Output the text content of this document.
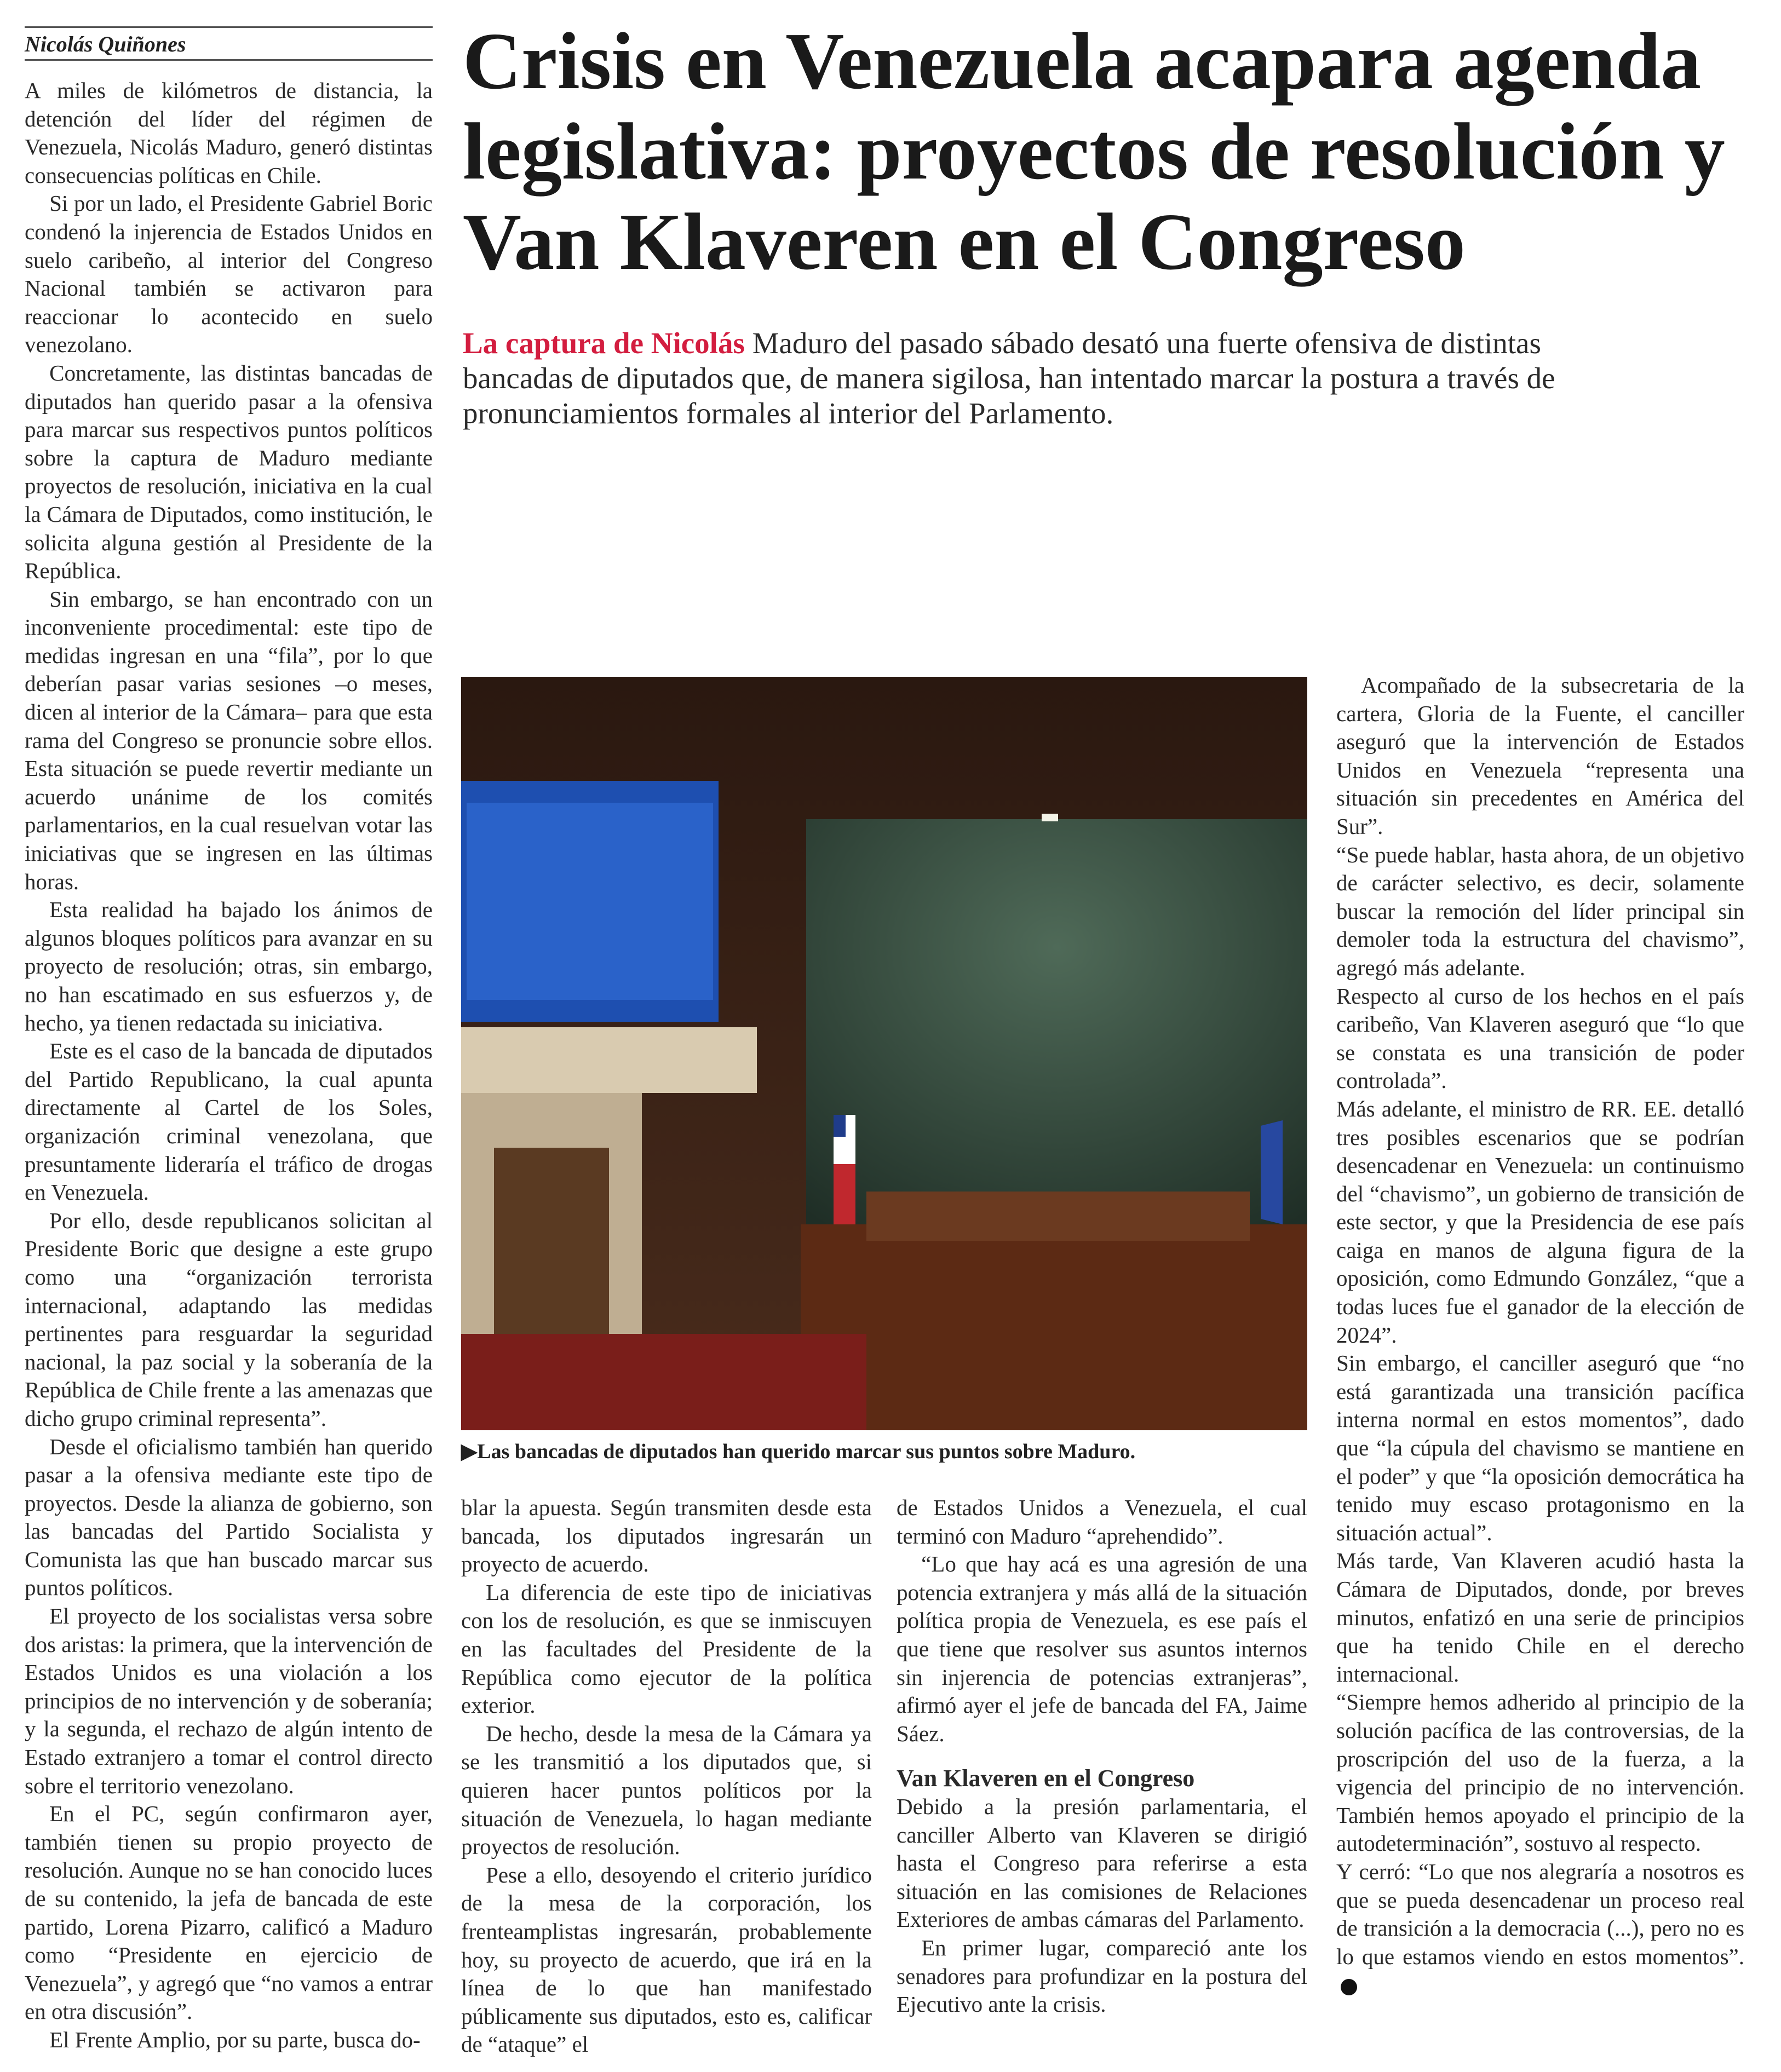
Nicolás Quiñones

A miles de kilómetros de distancia, la detención del líder del régimen de Venezuela, Nicolás Maduro, generó distintas consecuencias políticas en Chile.

Si por un lado, el Presidente Gabriel Boric condenó la injerencia de Estados Unidos en suelo caribeño, al interior del Congreso Nacional también se activaron para reaccionar lo acontecido en suelo venezolano.

Concretamente, las distintas bancadas de diputados han querido pasar a la ofensiva para marcar sus respectivos puntos políticos sobre la captura de Maduro mediante proyectos de resolución, iniciativa en la cual la Cámara de Diputados, como institución, le solicita alguna gestión al Presidente de la República.

Sin embargo, se han encontrado con un inconveniente procedimental: este tipo de medidas ingresan en una “fila”, por lo que deberían pasar varias sesiones –o meses, dicen al interior de la Cámara– para que esta rama del Congreso se pronuncie sobre ellos. Esta situación se puede revertir mediante un acuerdo unánime de los comités parlamentarios, en la cual resuelvan votar las iniciativas que se ingresen en las últimas horas.

Esta realidad ha bajado los ánimos de algunos bloques políticos para avanzar en su proyecto de resolución; otras, sin embargo, no han escatimado en sus esfuerzos y, de hecho, ya tienen redactada su iniciativa.

Este es el caso de la bancada de diputados del Partido Republicano, la cual apunta directamente al Cartel de los Soles, organización criminal venezolana, que presuntamente lideraría el tráfico de drogas en Venezuela.

Por ello, desde republicanos solicitan al Presidente Boric que designe a este grupo como una “organización terrorista internacional, adaptando las medidas pertinentes para resguardar la seguridad nacional, la paz social y la soberanía de la República de Chile frente a las amenazas que dicho grupo criminal representa”.

Desde el oficialismo también han querido pasar a la ofensiva mediante este tipo de proyectos. Desde la alianza de gobierno, son las bancadas del Partido Socialista y Comunista las que han buscado marcar sus puntos políticos.

El proyecto de los socialistas versa sobre dos aristas: la primera, que la intervención de Estados Unidos es una violación a los principios de no intervención y de soberanía; y la segunda, el rechazo de algún intento de Estado extranjero a tomar el control directo sobre el territorio venezolano.

En el PC, según confirmaron ayer, también tienen su propio proyecto de resolución. Aunque no se han conocido luces de su contenido, la jefa de bancada de este partido, Lorena Pizarro, calificó a Maduro como “Presidente en ejercicio de Venezuela”, y agregó que “no vamos a entrar en otra discusión”.

El Frente Amplio, por su parte, busca do-

Crisis en Venezuela acapara agenda legislativa: proyectos de resolución y Van Klaveren en el Congreso
La captura de Nicolás Maduro del pasado sábado desató una fuerte ofensiva de distintas bancadas de diputados que, de manera sigilosa, han intentado marcar la postura a través de pronunciamientos formales al interior del Parlamento.
▶Las bancadas de diputados han querido marcar sus puntos sobre Maduro.

blar la apuesta. Según transmiten desde esta bancada, los diputados ingresarán un proyecto de acuerdo.

La diferencia de este tipo de iniciativas con los de resolución, es que se inmiscuyen en las facultades del Presidente de la República como ejecutor de la política exterior.

De hecho, desde la mesa de la Cámara ya se les transmitió a los diputados que, si quieren hacer puntos políticos por la situación de Venezuela, lo hagan mediante proyectos de resolución.

Pese a ello, desoyendo el criterio jurídico de la mesa de la corporación, los frenteamplistas ingresarán, probablemente hoy, su proyecto de acuerdo, que irá en la línea de lo que han manifestado públicamente sus diputados, esto es, calificar de “ataque” el

de Estados Unidos a Venezuela, el cual terminó con Maduro “aprehendido”.

“Lo que hay acá es una agresión de una potencia extranjera y más allá de la situación política propia de Venezuela, es ese país el que tiene que resolver sus asuntos internos sin injerencia de potencias extranjeras”, afirmó ayer el jefe de bancada del FA, Jaime Sáez.

Van Klaveren en el Congreso

Debido a la presión parlamentaria, el canciller Alberto van Klaveren se dirigió hasta el Congreso para referirse a esta situación en las comisiones de Relaciones Exteriores de ambas cámaras del Parlamento.

En primer lugar, compareció ante los senadores para profundizar en la postura del Ejecutivo ante la crisis.

Acompañado de la subsecretaria de la cartera, Gloria de la Fuente, el canciller aseguró que la intervención de Estados Unidos en Venezuela “representa una situación sin precedentes en América del Sur”.

“Se puede hablar, hasta ahora, de un objetivo de carácter selectivo, es decir, solamente buscar la remoción del líder principal sin demoler toda la estructura del chavismo”, agregó más adelante.

Respecto al curso de los hechos en el país caribeño, Van Klaveren aseguró que “lo que se constata es una transición de poder controlada”.

Más adelante, el ministro de RR. EE. detalló tres posibles escenarios que se podrían desencadenar en Venezuela: un continuismo del “chavismo”, un gobierno de transición de este sector, y que la Presidencia de ese país caiga en manos de alguna figura de la oposición, como Edmundo González, “que a todas luces fue el ganador de la elección de 2024”.

Sin embargo, el canciller aseguró que “no está garantizada una transición pacífica interna normal en estos momentos”, dado que “la cúpula del chavismo se mantiene en el poder” y que “la oposición democrática ha tenido muy escaso protagonismo en la situación actual”.

Más tarde, Van Klaveren acudió hasta la Cámara de Diputados, donde, por breves minutos, enfatizó en una serie de principios que ha tenido Chile en el derecho internacional.

“Siempre hemos adherido al principio de la solución pacífica de las controversias, de la proscripción del uso de la fuerza, a la vigencia del principio de no intervención. También hemos apoyado el principio de la autodeterminación”, sostuvo al respecto.

Y cerró: “Lo que nos alegraría a nosotros es que se pueda desencadenar un proceso real de transición a la democracia (...), pero no es lo que estamos viendo en estos momentos”.
